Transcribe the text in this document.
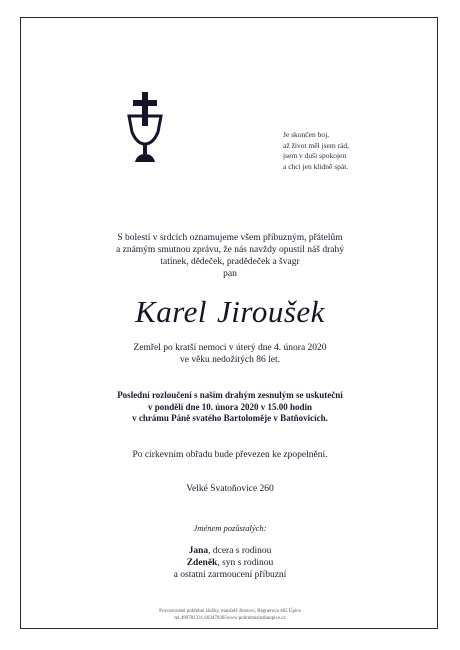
Je skončen boj,
až život měl jsem rád,
jsem v duši spokojen
a chci jen klidně spát.
S bolestí v srdcích oznamujeme všem příbuzným, přátelům
a známým smutnou zprávu, že nás navždy opustil náš drahý
tatínek, dědeček, pradědeček a švagr
pan
Karel Jiroušek
Zemřel po kratší nemoci v úterý dne 4. února 2020
ve věku nedožitých 86 let.
Poslední rozloučení s naším drahým zesnulým se uskuteční
v pondělí dne 10. února 2020 v 15.00 hodin
v chrámu Páně svatého Bartoloměje v Batňovicích.
Po církevním obřadu bude převezen ke zpopelnění.
Velké Svatoňovice 260
Jménem pozůstalých:
Jana, dcera s rodinou
Zdeněk, syn s rodinou
a ostatní zarmoucení příbuzní
Provozovatel pohřební služby, manželé Jirosovi, Regnerova 485 Úpice
tel.499781331,603470305www.pohrebnisluzbaupice.cz
